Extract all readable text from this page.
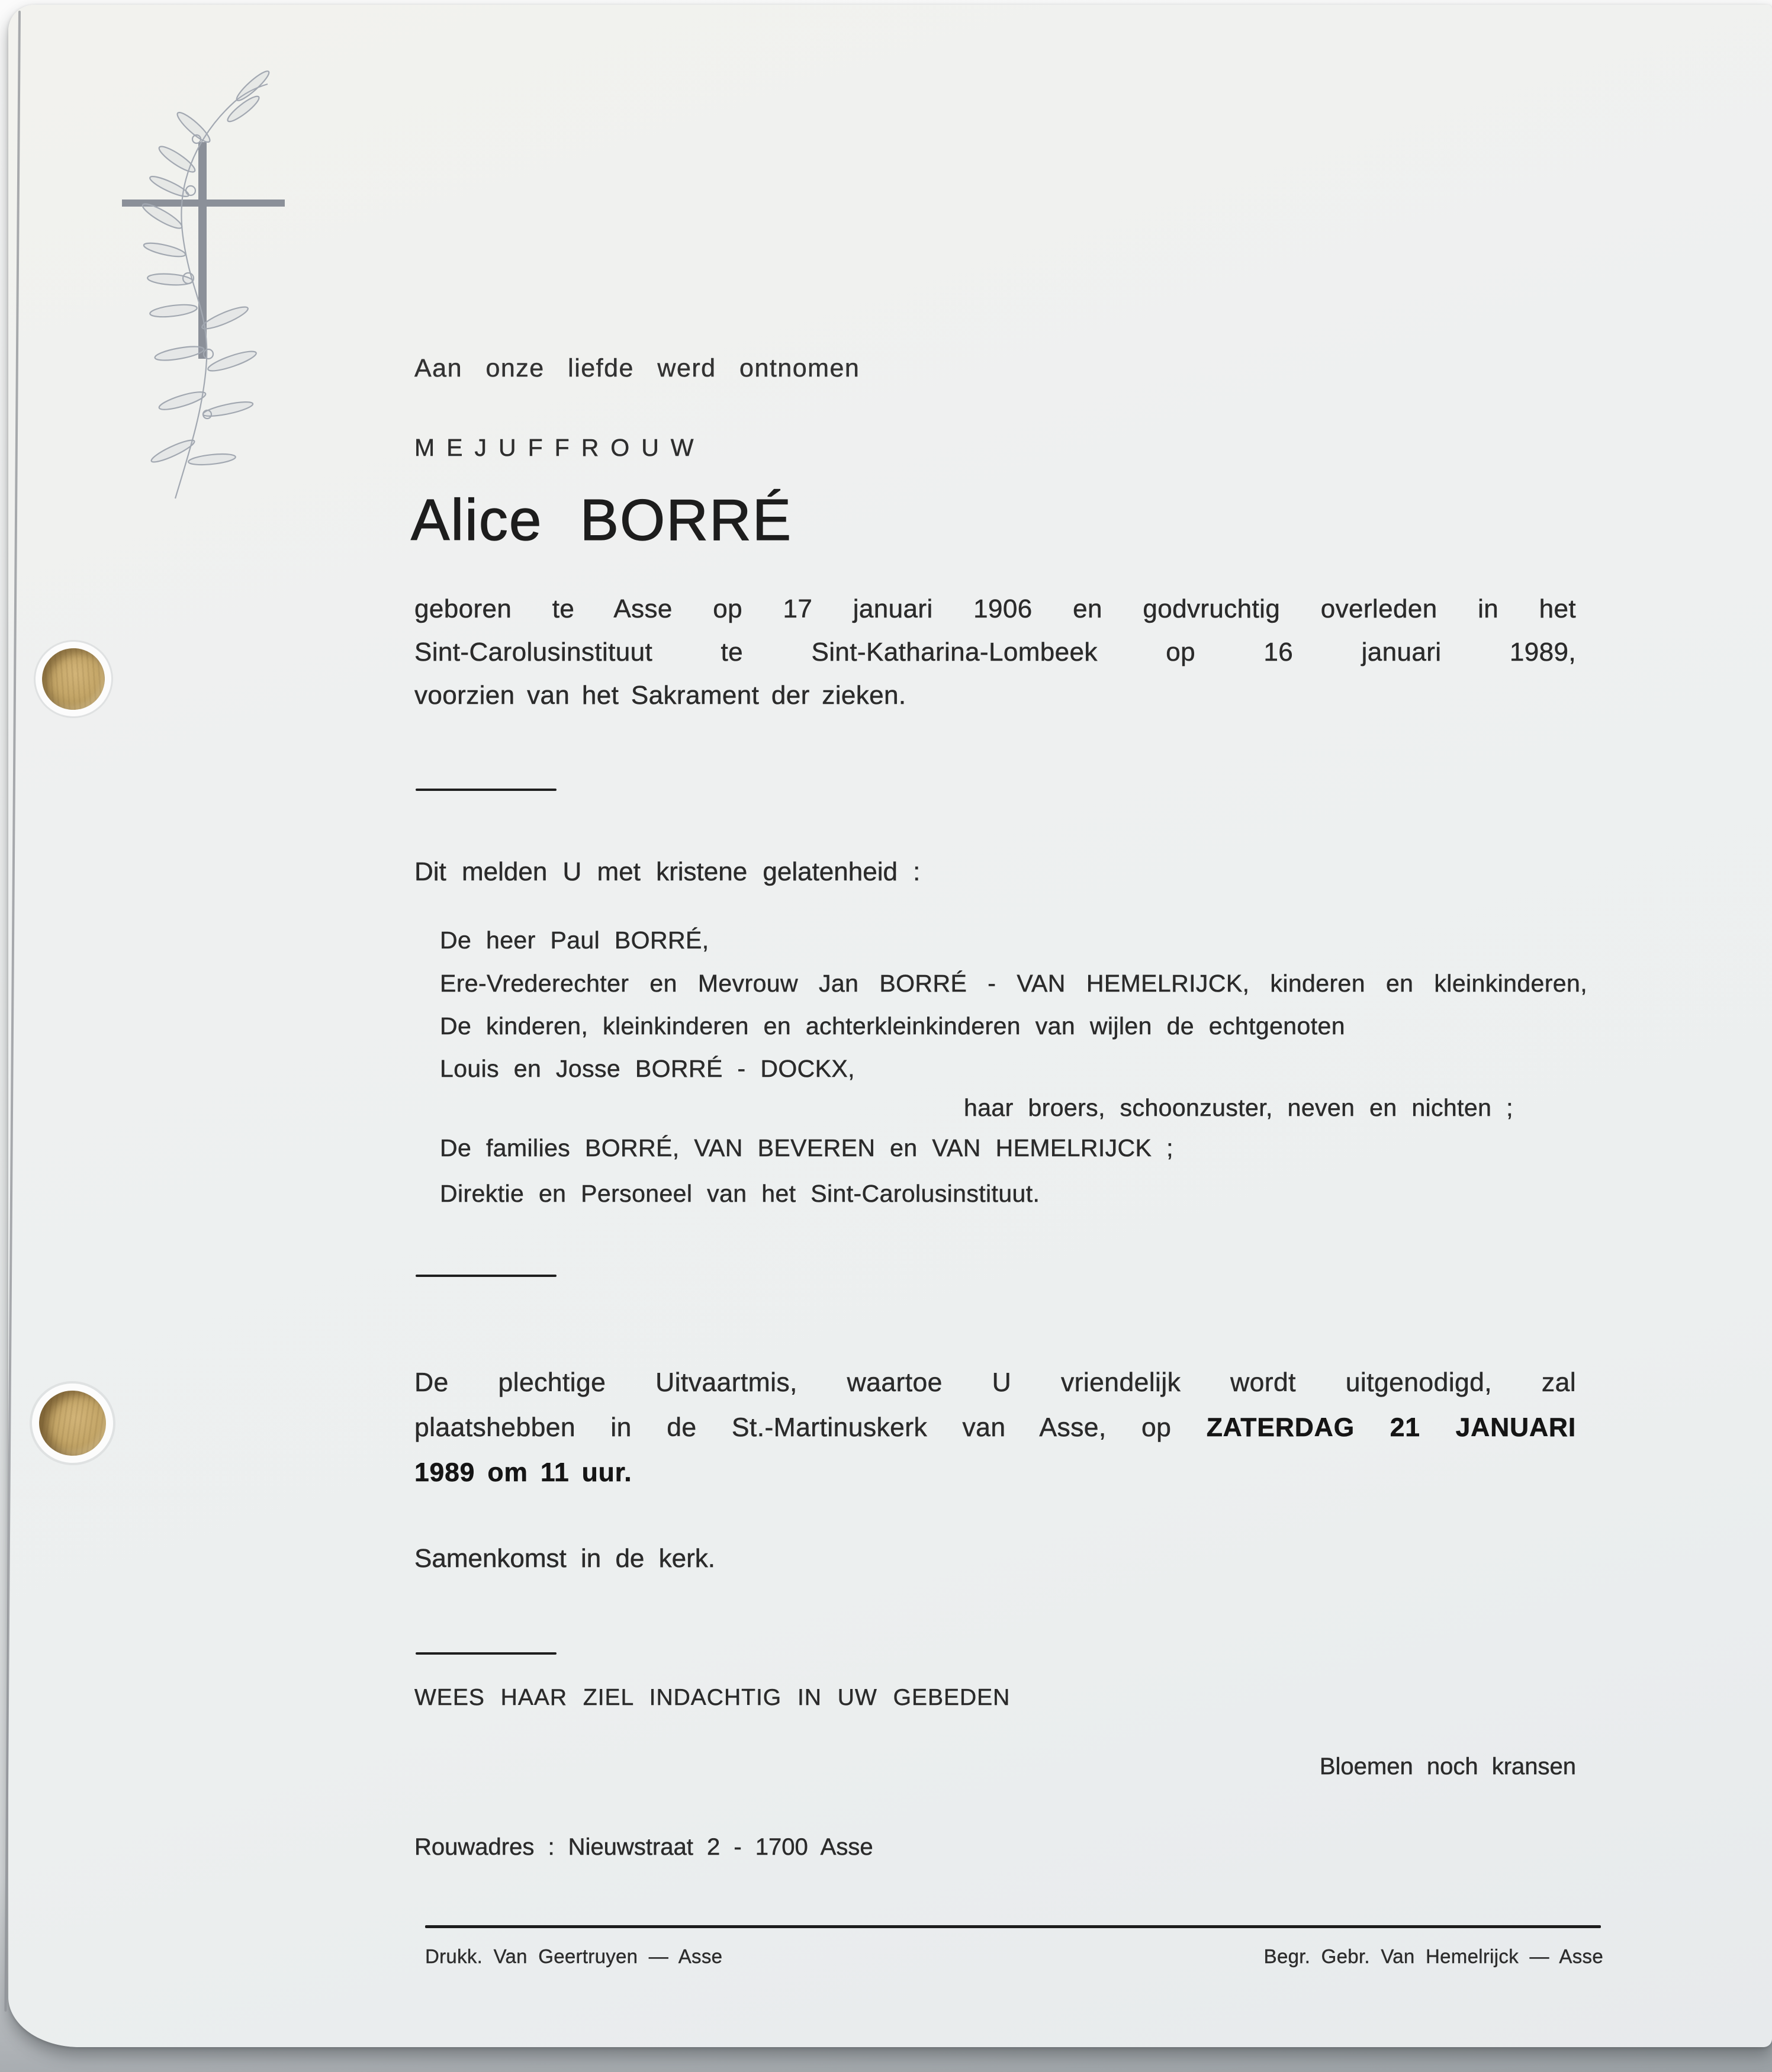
Aan onze liefde werd ontnomen
MEJUFFROUW
Alice BORRÉ
geboren te Asse op 17 januari 1906 en godvruchtig overleden in het
Sint-Carolusinstituut te Sint-Katharina-Lombeek op 16 januari 1989,
voorzien van het Sakrament der zieken.
Dit melden U met kristene gelatenheid :
De heer Paul BORRÉ,
Ere-Vrederechter en Mevrouw Jan BORRÉ - VAN HEMELRIJCK, kinderen en kleinkinderen,
De kinderen, kleinkinderen en achterkleinkinderen van wijlen de echtgenoten
Louis en Josse BORRÉ - DOCKX,
haar broers, schoonzuster, neven en nichten ;
De families BORRÉ, VAN BEVEREN en VAN HEMELRIJCK ;
Direktie en Personeel van het Sint-Carolusinstituut.
De plechtige Uitvaartmis, waartoe U vriendelijk wordt uitgenodigd, zal
plaatshebben in de St.-Martinuskerk van Asse, op ZATERDAG 21 JANUARI
1989 om 11 uur.
Samenkomst in de kerk.
WEES HAAR ZIEL INDACHTIG IN UW GEBEDEN
Bloemen noch kransen
Rouwadres : Nieuwstraat 2 - 1700 Asse
Drukk. Van Geertruyen — Asse	Begr. Gebr. Van Hemelrijck — Asse
